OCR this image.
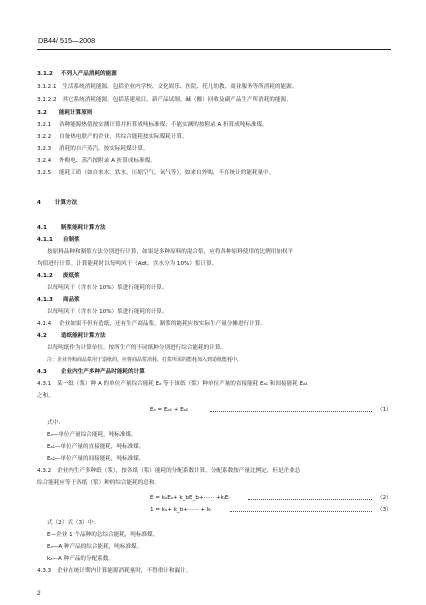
DB44/ 515—2008
3.1.2 不列入产品消耗的能源
3.1.2.1 生活系统消耗能源。包括企业内学校、文化娱乐、医院、托儿幼教、商业服务等所消耗的能源。
3.1.2.2 其它系统消耗能源。包括基建项目、新产品试制、碱（酸）回收及副产品生产所消耗的能源。
3.2 能耗计算原则
3.2.1 各种能源热值按实测计算并折算成吨标准煤；不能实测的按附录 A 折算成吨标准煤。
3.2.2 自备热电联产的企业，其综合能耗按实际煤耗计算。
3.2.3 消耗的自产蒸汽，按实际耗煤计算。
3.2.4 外购电、蒸汽按附录 A 折算成标准煤。
3.2.5 能耗工质（如自来水、软水、压缩空气、氧气等），如来自外购，不在统计的能耗量中。
4 计算方法
4.1 制浆能耗计算方法
4.1.1 自制浆
按原料品种和制浆方法分别进行计算，如果是多种原料的混合浆，应将各种原料使用的比例用加权平
均值进行计算。计算能耗时以每吨风干（Adt，含水分为 10%）浆计算。
4.1.2 废纸浆
以每吨风干（含水分 10%）浆进行能耗的计算。
4.1.3 商品浆
以每吨风干（含水分 10%）浆进行能耗的计算。
4.1.4 企业如果不但有造纸，还有生产商品浆，制浆的能耗应按实际生产量分摊进行计算。
4.2 造纸能耗计算方法
以每吨纸作为计算单位。按所生产的不同纸种分别进行综合能耗的计算。
注：企业外购商品浆用于造纸的，应将商品浆消耗、打浆所需的能耗加入到造纸能耗中。
4.3 企业内生产多种产品时能耗的计算
4.3.1 某一纸（浆）种 A 的单位产量综合能耗 Eₐ 等于该纸（浆）种单位产量的直接能耗 Eₐ₁ 和间接能耗 Eₐ₂
之和。
Eₐ = Eₐ₁ + Eₐ₂	（1）
式中：
Eₐ—单位产量综合能耗，吨标准煤。
Eₐ₁—单位产量的直接能耗，吨标准煤。
Eₐ₂—单位产量的间接能耗，吨标准煤。
4.3.2 企业内生产多种纸（浆），按各纸（浆）能耗的分配系数计算，分配系数按产量比例定，但是企业总
综合能耗应等于各纸（浆）种的综合能耗的总和。
E = kₐEₐ+ k_bE_b+······ +kᵢEᵢ	（2）
1 = kₐ+ k_b+······ + kᵢ	（3）
式（2）式（3）中：
E—企业 1 个品种的总综合能耗，吨标准煤。
Eₐ—A 种产品的综合能耗，吨标准煤。
kₐ—A 种产品的分配系数。
4.3.3 企业在统计期内计算能源消耗量时，不得重计和漏计。
2
